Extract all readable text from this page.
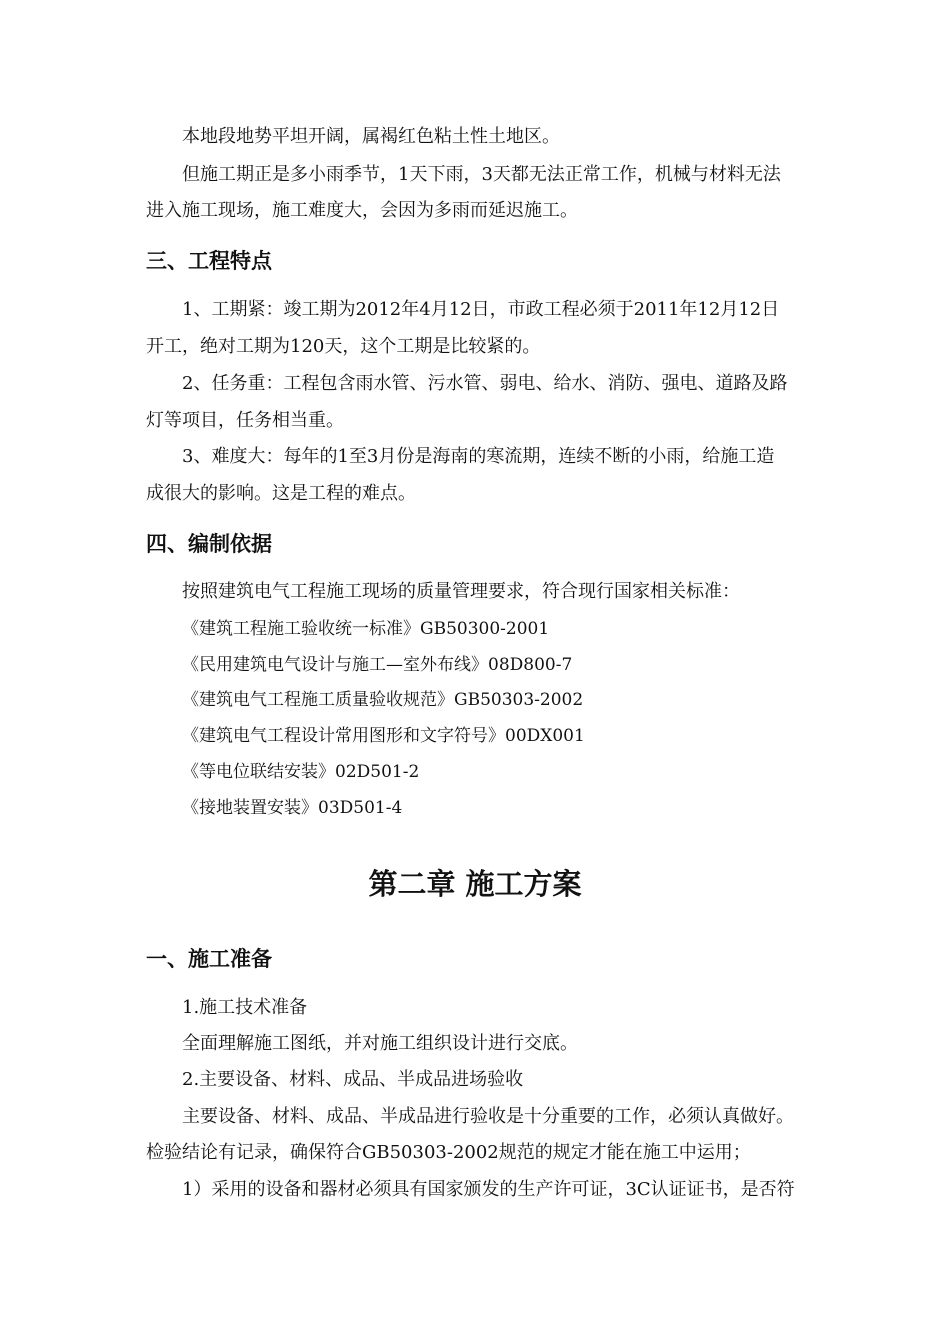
本地段地势平坦开阔，属褐红色粘土性土地区。
但施工期正是多小雨季节，1天下雨，3天都无法正常工作，机械与材料无法
进入施工现场，施工难度大，会因为多雨而延迟施工。
三、工程特点
1、工期紧：竣工期为2012年4月12日，市政工程必须于2011年12月12日
开工，绝对工期为120天，这个工期是比较紧的。
2、任务重：工程包含雨水管、污水管、弱电、给水、消防、强电、道路及路
灯等项目，任务相当重。
3、难度大：每年的1至3月份是海南的寒流期，连续不断的小雨，给施工造
成很大的影响。这是工程的难点。
四、编制依据
按照建筑电气工程施工现场的质量管理要求，符合现行国家相关标准：
《建筑工程施工验收统一标准》GB50300-2001
《民用建筑电气设计与施工—室外布线》08D800-7
《建筑电气工程施工质量验收规范》GB50303-2002
《建筑电气工程设计常用图形和文字符号》00DX001
《等电位联结安装》02D501-2
《接地装置安装》03D501-4
第二章 施工方案
一、施工准备
1.施工技术准备
全面理解施工图纸，并对施工组织设计进行交底。
2.主要设备、材料、成品、半成品进场验收
主要设备、材料、成品、半成品进行验收是十分重要的工作，必须认真做好。
检验结论有记录，确保符合GB50303-2002规范的规定才能在施工中运用；
1）采用的设备和器材必须具有国家颁发的生产许可证，3C认证证书，是否符
